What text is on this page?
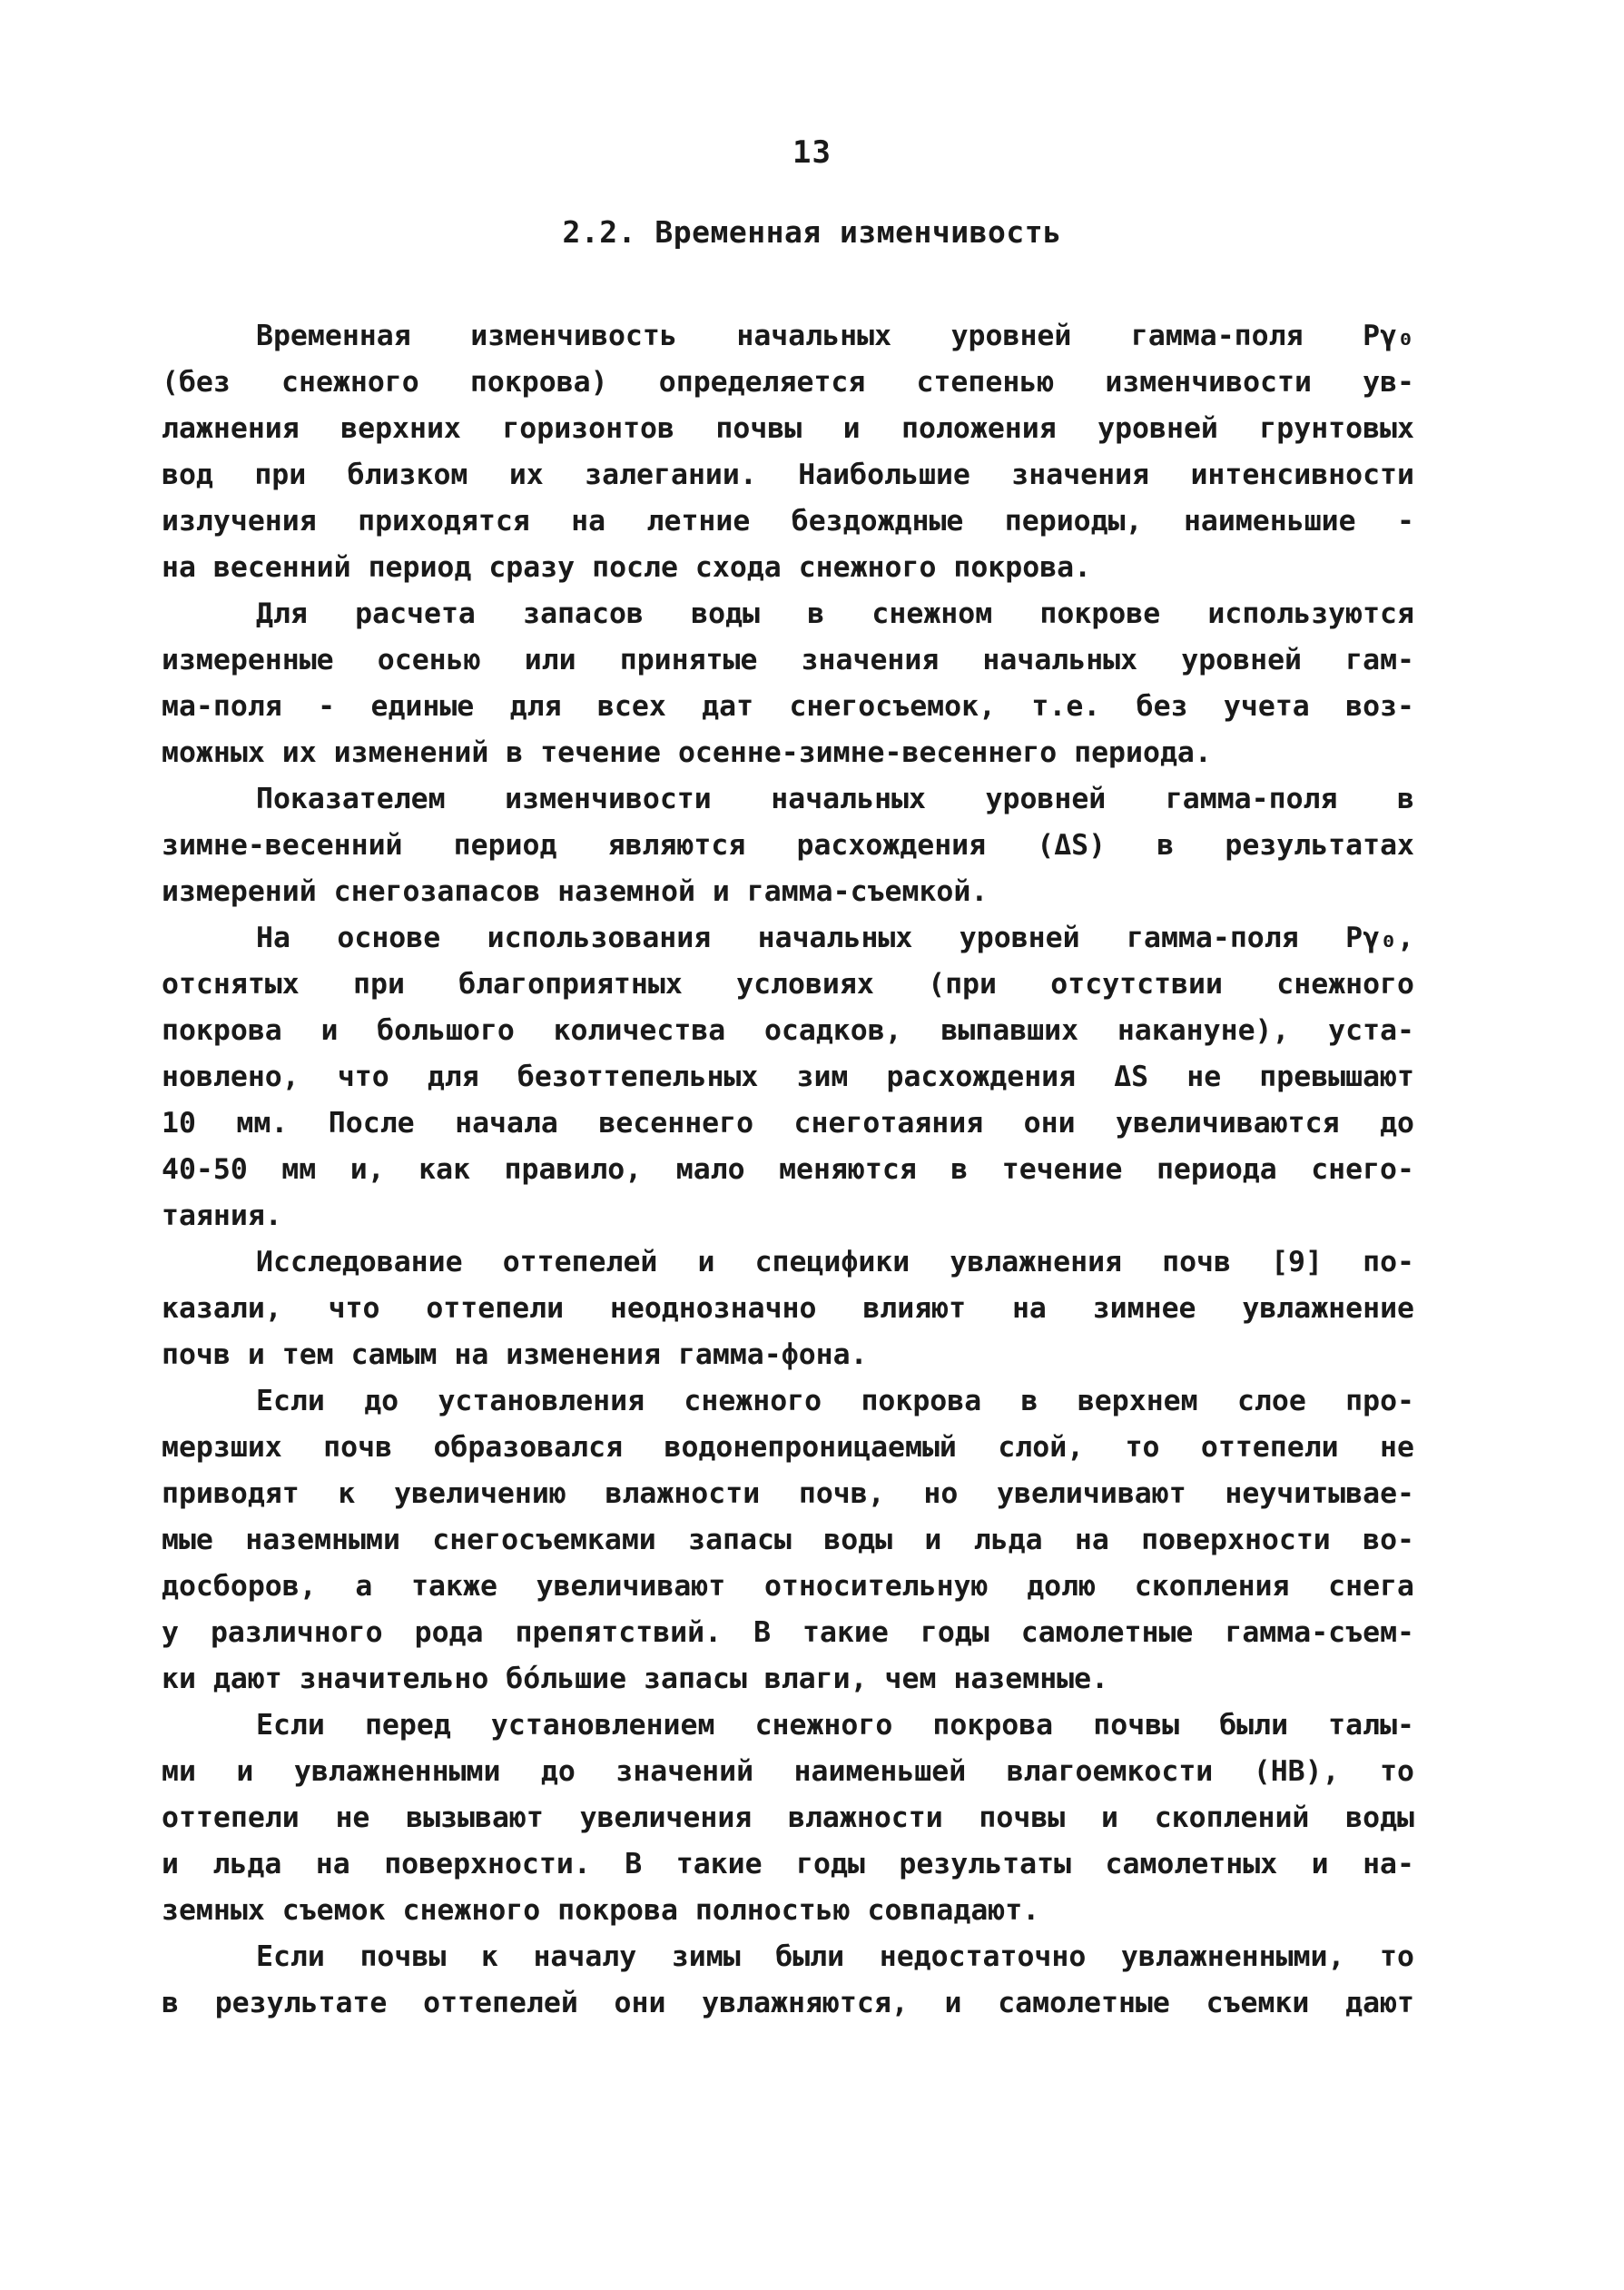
13
2.2. Временная изменчивость
Временная изменчивость начальных уровней гамма-поля Pγ₀
(без снежного покрова) определяется степенью изменчивости ув-
лажнения верхних горизонтов почвы и положения уровней грунтовых
вод при близком их залегании. Наибольшие значения интенсивности
излучения приходятся на летние бездождные периоды, наименьшие -
на весенний период сразу после схода снежного покрова.
Для расчета запасов воды в снежном покрове используются
измеренные осенью или принятые значения начальных уровней гам-
ма-поля - единые для всех дат снегосъемок, т.е. без учета воз-
можных их изменений в течение осенне-зимне-весеннего периода.
Показателем изменчивости начальных уровней гамма-поля в
зимне-весенний период являются расхождения (ΔS) в результатах
измерений снегозапасов наземной и гамма-съемкой.
На основе использования начальных уровней гамма-поля Pγ₀,
отснятых при благоприятных условиях (при отсутствии снежного
покрова и большого количества осадков, выпавших накануне), уста-
новлено, что для безоттепельных зим расхождения ΔS не превышают
10 мм. После начала весеннего снеготаяния они увеличиваются до
40-50 мм и, как правило, мало меняются в течение периода снего-
таяния.
Исследование оттепелей и специфики увлажнения почв [9] по-
казали, что оттепели неоднозначно влияют на зимнее увлажнение
почв и тем самым на изменения гамма-фона.
Если до установления снежного покрова в верхнем слое про-
мерзших почв образовался водонепроницаемый слой, то оттепели не
приводят к увеличению влажности почв, но увеличивают неучитывае-
мые наземными снегосъемками запасы воды и льда на поверхности во-
досборов, а также увеличивают относительную долю скопления снега
у различного рода препятствий. В такие годы самолетные гамма-съем-
ки дают значительно бо́льшие запасы влаги, чем наземные.
Если перед установлением снежного покрова почвы были талы-
ми и увлажненными до значений наименьшей влагоемкости (НВ), то
оттепели не вызывают увеличения влажности почвы и скоплений воды
и льда на поверхности. В такие годы результаты самолетных и на-
земных съемок снежного покрова полностью совпадают.
Если почвы к началу зимы были недостаточно увлажненными, то
в результате оттепелей они увлажняются, и самолетные съемки дают
